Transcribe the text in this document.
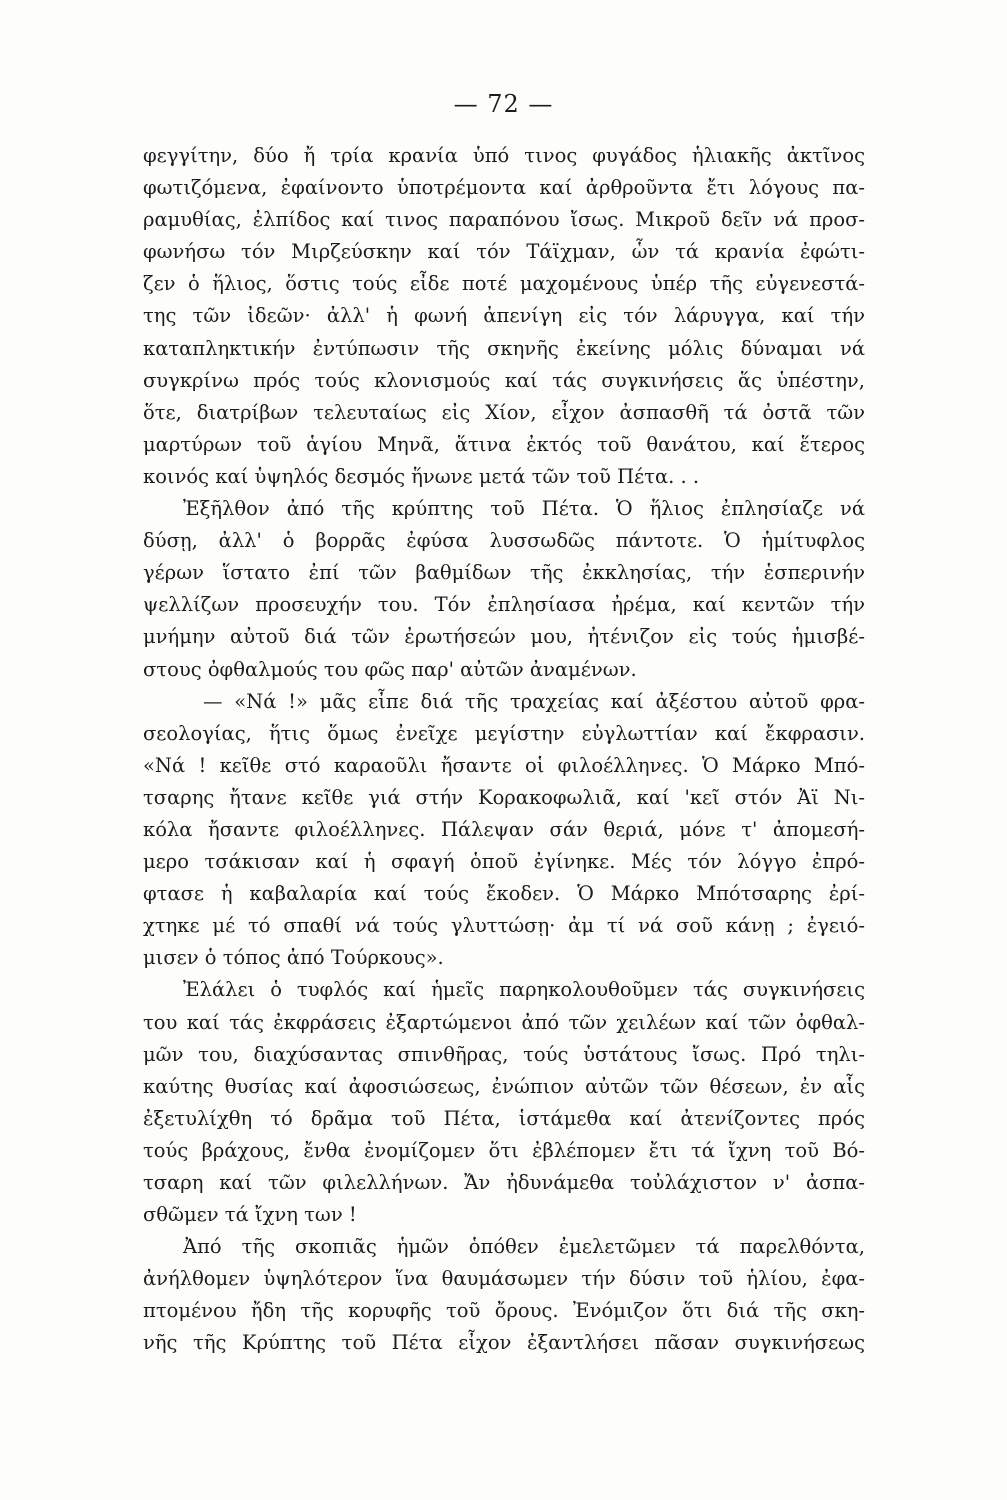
— 72 —
φεγγίτην, δύο ἤ τρία κρανία ὑπό τινος φυγάδος ἡλιακῆς ἀκτῖνος
φωτιζόμενα, ἐφαίνοντο ὑποτρέμοντα καί ἀρθροῦντα ἔτι λόγους πα-
ραμυθίας, ἐλπίδος καί τινος παραπόνου ἴσως. Μικροῦ δεῖν νά προσ-
φωνήσω τόν Μιρζεύσκην καί τόν Τάϊχμαν, ὧν τά κρανία ἐφώτι-
ζεν ὁ ἥλιος, ὅστις τούς εἶδε ποτέ μαχομένους ὑπέρ τῆς εὐγενεστά-
της τῶν ἰδεῶν· ἀλλ' ἡ φωνή ἀπενίγη εἰς τόν λάρυγγα, καί τήν
καταπληκτικήν ἐντύπωσιν τῆς σκηνῆς ἐκείνης μόλις δύναμαι νά
συγκρίνω πρός τούς κλονισμούς καί τάς συγκινήσεις ἅς ὑπέστην,
ὅτε, διατρίβων τελευταίως εἰς Χίον, εἶχον ἀσπασθῆ τά ὀστᾶ τῶν
μαρτύρων τοῦ ἁγίου Μηνᾶ, ἅτινα ἐκτός τοῦ θανάτου, καί ἕτερος
κοινός καί ὑψηλός δεσμός ἥνωνε μετά τῶν τοῦ Πέτα. . .
Ἐξῆλθον ἀπό τῆς κρύπτης τοῦ Πέτα. Ὁ ἥλιος ἐπλησίαζε νά
δύσῃ, ἀλλ' ὁ βορρᾶς ἐφύσα λυσσωδῶς πάντοτε. Ὁ ἡμίτυφλος
γέρων ἵστατο ἐπί τῶν βαθμίδων τῆς ἐκκλησίας, τήν ἑσπερινήν
ψελλίζων προσευχήν του. Τόν ἐπλησίασα ἠρέμα, καί κεντῶν τήν
μνήμην αὐτοῦ διά τῶν ἐρωτήσεών μου, ἠτένιζον εἰς τούς ἡμισβέ-
στους ὀφθαλμούς του φῶς παρ' αὐτῶν ἀναμένων.
— «Νά !» μᾶς εἶπε διά τῆς τραχείας καί ἀξέστου αὐτοῦ φρα-
σεολογίας, ἥτις ὅμως ἐνεῖχε μεγίστην εὐγλωττίαν καί ἔκφρασιν.
«Νά ! κεῖθε στό καραοῦλι ἤσαντε οἱ φιλοέλληνες. Ὁ Μάρκο Μπό-
τσαρης ἤτανε κεῖθε γιά στήν Κορακοφωλιᾶ, καί 'κεῖ στόν Ἀϊ Νι-
κόλα ἤσαντε φιλοέλληνες. Πάλεψαν σάν θεριά, μόνε τ' ἀπομεσή-
μερο τσάκισαν καί ἡ σφαγή ὁποῦ ἐγίνηκε. Μές τόν λόγγο ἐπρό-
φτασε ἡ καβαλαρία καί τούς ἔκοδεν. Ὁ Μάρκο Μπότσαρης ἐρί-
χτηκε μέ τό σπαθί νά τούς γλυττώσῃ· ἀμ τί νά σοῦ κάνῃ ; ἐγειό-
μισεν ὁ τόπος ἀπό Τούρκους».
Ἐλάλει ὁ τυφλός καί ἡμεῖς παρηκολουθοῦμεν τάς συγκινήσεις
του καί τάς ἐκφράσεις ἐξαρτώμενοι ἀπό τῶν χειλέων καί τῶν ὀφθαλ-
μῶν του, διαχύσαντας σπινθῆρας, τούς ὑστάτους ἴσως. Πρό τηλι-
καύτης θυσίας καί ἀφοσιώσεως, ἐνώπιον αὐτῶν τῶν θέσεων, ἐν αἷς
ἐξετυλίχθη τό δρᾶμα τοῦ Πέτα, ἱστάμεθα καί ἀτενίζοντες πρός
τούς βράχους, ἔνθα ἐνομίζομεν ὅτι ἐβλέπομεν ἔτι τά ἴχνη τοῦ Βό-
τσαρη καί τῶν φιλελλήνων. Ἄν ἠδυνάμεθα τοὐλάχιστον ν' ἀσπα-
σθῶμεν τά ἴχνη των !
Ἀπό τῆς σκοπιᾶς ἡμῶν ὁπόθεν ἐμελετῶμεν τά παρελθόντα,
ἀνήλθομεν ὑψηλότερον ἵνα θαυμάσωμεν τήν δύσιν τοῦ ἡλίου, ἐφα-
πτομένου ἤδη τῆς κορυφῆς τοῦ ὄρους. Ἐνόμιζον ὅτι διά τῆς σκη-
νῆς τῆς Κρύπτης τοῦ Πέτα εἶχον ἐξαντλήσει πᾶσαν συγκινήσεως
